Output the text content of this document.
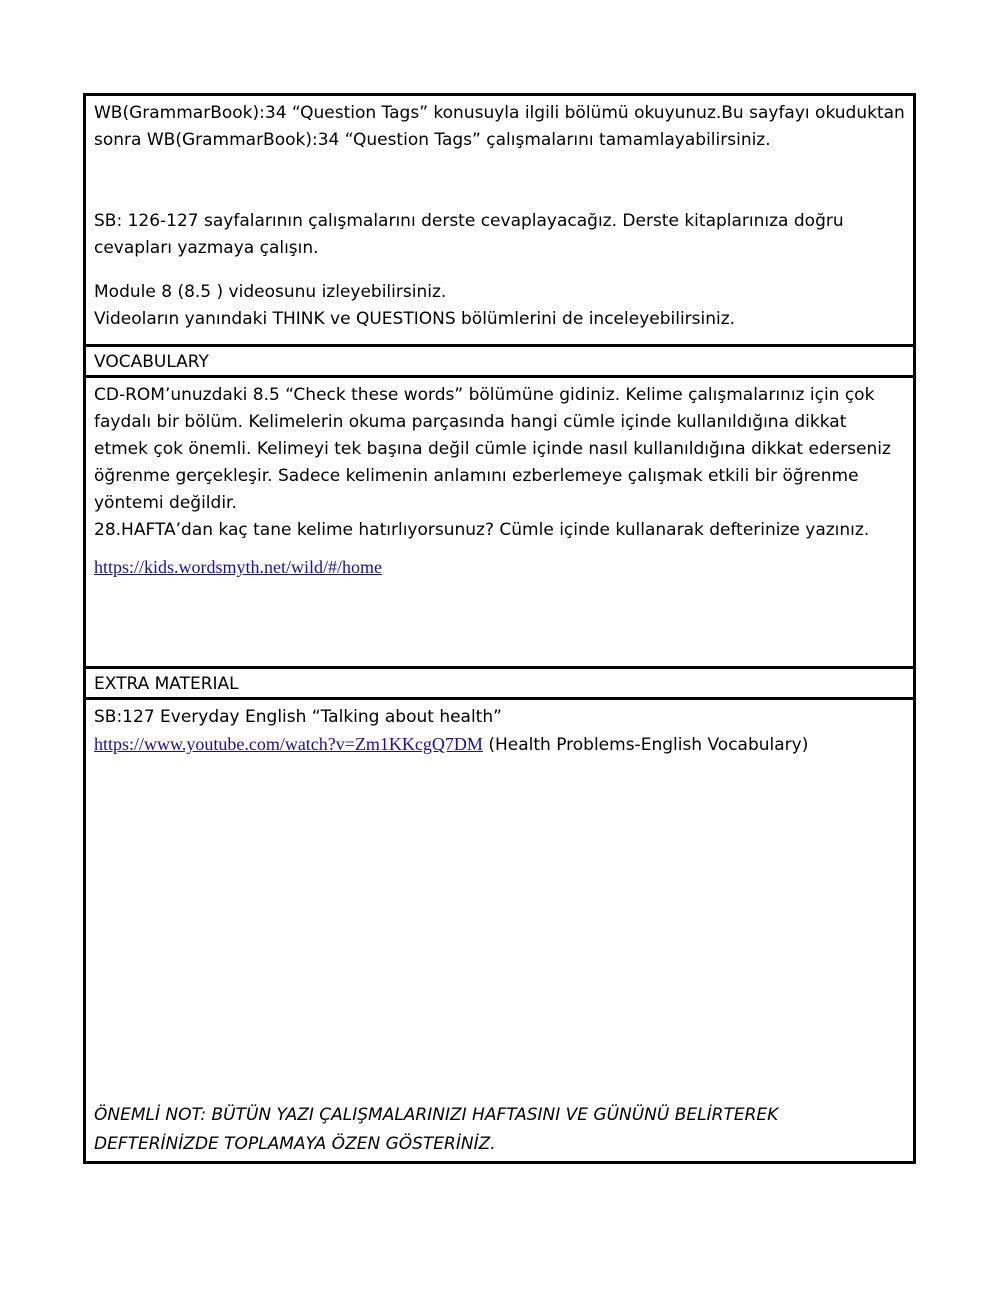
WB(GrammarBook):34 “Question Tags” konusuyla ilgili bölümü okuyunuz.Bu sayfayı okuduktan sonra WB(GrammarBook):34 “Question Tags” çalışmalarını tamamlayabilirsiniz.

SB: 126-127 sayfalarının çalışmalarını derste cevaplayacağız. Derste kitaplarınıza doğru cevapları yazmaya çalışın.

Module 8 (8.5 ) videosunu izleyebilirsiniz.

Videoların yanındaki THINK ve QUESTIONS bölümlerini de inceleyebilirsiniz.

VOCABULARY

CD-ROM’unuzdaki 8.5 “Check these words” bölümüne gidiniz. Kelime çalışmalarınız için çok faydalı bir bölüm. Kelimelerin okuma parçasında hangi cümle içinde kullanıldığına dikkat etmek çok önemli. Kelimeyi tek başına değil cümle içinde nasıl kullanıldığına dikkat ederseniz öğrenme gerçekleşir. Sadece kelimenin anlamını ezberlemeye çalışmak etkili bir öğrenme yöntemi değildir.

28.HAFTA’dan kaç tane kelime hatırlıyorsunuz? Cümle içinde kullanarak defterinize yazınız.

https://kids.wordsmyth.net/wild/#/home

EXTRA MATERIAL

SB:127 Everyday English “Talking about health”

https://www.youtube.com/watch?v=Zm1KKcgQ7DM (Health Problems-English Vocabulary)

ÖNEMLİ NOT: BÜTÜN YAZI ÇALIŞMALARINIZI HAFTASINI VE GÜNÜNÜ BELİRTEREK DEFTERİNİZDE TOPLAMAYA ÖZEN GÖSTERİNİZ.
